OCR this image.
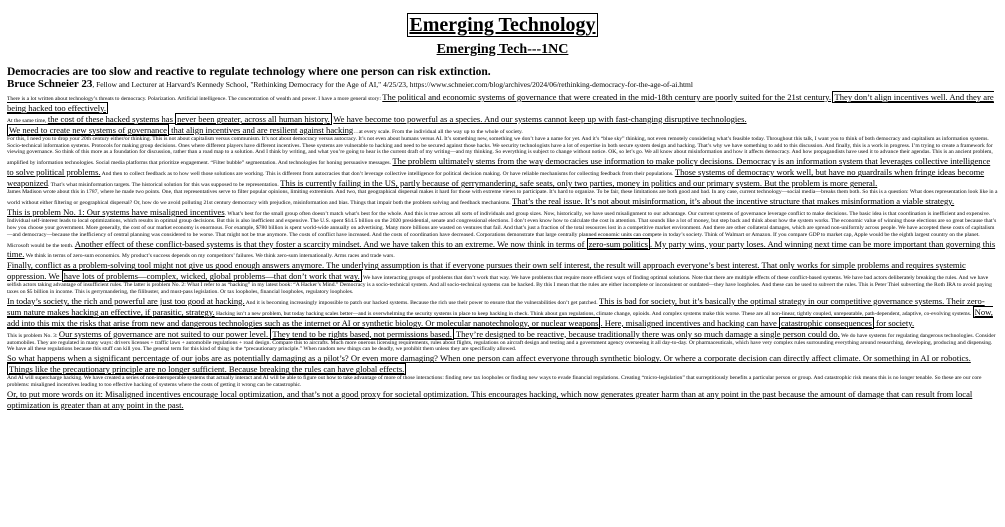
Emerging Technology

Emerging Tech---1NC

Democracies are too slow and reactive to regulate technology where one person can risk extinction.

Bruce Schneier 23, Fellow and Lecturer at Harvard's Kennedy School, "Rethinking Democracy for the Age of AI," 4/25/23, https://www.schneier.com/blog/archives/2024/06/rethinking-democracy-for-the-age-of-ai.html

There is a lot written about technology’s threats to democracy. Polarization. Artificial intelligence. The concentration of wealth and power. I have a more general story: The political and economic systems of governance that were created in the mid-18th century are poorly suited for the 21st century. They don’t align incentives well. And they are being hacked too effectively.

At the same time, the cost of these hacked systems has never been greater, across all human history. We have become too powerful as a species. And our systems cannot keep up with fast-changing disruptive technologies.

We need to create new systems of governance that align incentives and are resilient against hacking…at every scale. From the individual all the way up to the whole of society.

For this, I need you to drop your 20th century either/or thinking. This is not about capitalism versus communism. It’s not about democracy versus autocracy. It’s not even about humans versus AI. It’s something new, something we don’t have a name for yet. And it’s “blue sky” thinking, not even remotely considering what’s feasible today. Throughout this talk, I want you to think of both democracy and capitalism as information systems. Socio-technical information systems. Protocols for making group decisions. Ones where different players have different incentives. These systems are vulnerable to hacking and need to be secured against those hacks. We security technologists have a lot of expertise in both secure system design and hacking. That’s why we have something to add to this discussion. And finally, this is a work in progress. I’m trying to create a framework for viewing governance. So think of this more as a foundation for discussion, rather than a road map to a solution. And I think by writing, and what you’re going to hear is the current draft of my writing—and my thinking. So everything is subject to change without notice. OK, so let’s go. We all know about misinformation and how it affects democracy. And how propagandists have used it to advance their agendas. This is an ancient problem, amplified by information technologies. Social media platforms that prioritize engagement. “Filter bubble” segmentation. And technologies for honing persuasive messages. The problem ultimately stems from the way democracies use information to make policy decisions. Democracy is an information system that leverages collective intelligence to solve political problems. And then to collect feedback as to how well those solutions are working. This is different from autocracies that don’t leverage collective intelligence for political decision making. Or have reliable mechanisms for collecting feedback from their populations. Those systems of democracy work well, but have no guardrails when fringe ideas become weaponized. That’s what misinformation targets. The historical solution for this was supposed to be representation. This is currently failing in the US, partly because of gerrymandering, safe seats, only two parties, money in politics and our primary system. But the problem is more general.

James Madison wrote about this in 1787, where he made two points. One, that representatives serve to filter popular opinions, limiting extremism. And two, that geographical dispersal makes it hard for those with extreme views to participate. It’s hard to organize. To be fair, these limitations are both good and bad. In any case, current technology—social media—breaks them both. So this is a question: What does representation look like in a world without either filtering or geographical dispersal? Or, how do we avoid polluting 21st century democracy with prejudice, misinformation and bias. Things that impair both the problem solving and feedback mechanisms. That’s the real issue. It’s not about misinformation, it’s about the incentive structure that makes misinformation a viable strategy.

This is problem No. 1: Our systems have misaligned incentives. What’s best for the small group often doesn’t match what’s best for the whole. And this is true across all sorts of individuals and group sizes. Now, historically, we have used misalignment to our advantage. Our current systems of governance leverage conflict to make decisions. The basic idea is that coordination is inefficient and expensive. Individual self-interest leads to local optimizations, which results in optimal group decisions. But this is also inefficient and expensive. The U.S. spent $14.5 billion on the 2020 presidential, senate and congressional elections. I don’t even know how to calculate the cost in attention. That sounds like a lot of money, but step back and think about how the system works. The economic value of winning those elections are so great because that’s how you choose your government. More generally, the cost of our market economy is enormous. For example, $780 billion is spent world-wide annually on advertising. Many more billions are wasted on ventures that fail. And that’s just a fraction of the total resources lost in a competitive market environment. And there are other collateral damages, which are spread non-uniformly across people. We have accepted these costs of capitalism—and democracy—because the inefficiency of central planning was considered to be worse. That might not be true anymore. The costs of conflict have increased. And the costs of coordination have decreased. Corporations demonstrate that large centrally planned economic units can compete in today’s society. Think of Walmart or Amazon. If you compare GDP to market cap, Apple would be the eighth largest country on the planet. Microsoft would be the tenth. Another effect of these conflict-based systems is that they foster a scarcity mindset. And we have taken this to an extreme. We now think in terms of zero-sum politics . My party wins, your party loses. And winning next time can be more important than governing this time. We think in terms of zero-sum economics. My product’s success depends on my competitors’ failures. We think zero-sum internationally. Arms races and trade wars.

Finally, conflict as a problem-solving tool might not give us good enough answers anymore. The underlying assumption is that if everyone pursues their own self interest, the result will approach everyone’s best interest. That only works for simple problems and requires systemic oppression. We have lots of problems—complex, wicked, global problems—that don’t work that way. We have interacting groups of problems that don’t work that way. We have problems that require more efficient ways of finding optimal solutions. Note that there are multiple effects of these conflict-based systems. We have bad actors deliberately breaking the rules. And we have selfish actors taking advantage of insufficient rules. The latter is problem No. 2: What I refer to as “hacking” in my latest book: “A Hacker’s Mind.” Democracy is a socio-technical system. And all socio-technical systems can be hacked. By this I mean that the rules are either incomplete or inconsistent or outdated—they have loopholes. And these can be used to subvert the rules. This is Peter Thiel subverting the Roth IRA to avoid paying taxes on $5 billion in income. This is gerrymandering, the filibuster, and must-pass legislation. Or tax loopholes, financial loopholes, regulatory loopholes.

In today’s society, the rich and powerful are just too good at hacking. And it is becoming increasingly impossible to patch our hacked systems. Because the rich use their power to ensure that the vulnerabilities don’t get patched. This is bad for society, but it’s basically the optimal strategy in our competitive governance systems. Their zero-sum nature makes hacking an effective, if parasitic, strategy. Hacking isn’t a new problem, but today hacking scales better—and is overwhelming the security systems in place to keep hacking in check. Think about gun regulations, climate change, opioids. And complex systems make this worse. These are all non-linear, tightly coupled, unrepeatable, path-dependent, adaptive, co-evolving systems. Now, add into this mix the risks that arise from new and dangerous technologies such as the internet or AI or synthetic biology. Or molecular nanotechnology, or nuclear weapons . Here, misaligned incentives and hacking can have catastrophic consequences for society.

This is problem No. 3: Our systems of governance are not suited to our power level. They tend to be rights based, not permissions based. They’re designed to be reactive, because traditionally there was only so much damage a single person could do. We do have systems for regulating dangerous technologies. Consider automobiles. They are regulated in many ways: drivers licenses + traffic laws + automobile regulations + road design. Compare this to aircrafts. Much more onerous licensing requirements, rules about flights, regulations on aircraft design and testing and a government agency overseeing it all day-to-day. Or pharmaceuticals, which have very complex rules surrounding everything around researching, developing, producing and dispensing. We have all these regulations because this stuff can kill you. The general term for this kind of thing is the “precautionary principle.” When random new things can be deadly, we prohibit them unless they are specifically allowed.

So what happens when a significant percentage of our jobs are as potentially damaging as a pilot’s? Or even more damaging? When one person can affect everyone through synthetic biology. Or where a corporate decision can directly affect climate. Or something in AI or robotics. Things like the precautionary principle are no longer sufficient. Because breaking the rules can have global effects.

And AI will supercharge hacking. We have created a series of non-interoperable systems that actually interact and AI will be able to figure out how to take advantage of more of those interactions: finding new tax loopholes or finding new ways to evade financial regulations. Creating “micro-legislation” that surreptitiously benefits a particular person or group. And catastrophic risk means this is no longer tenable. So these are our core problems: misaligned incentives leading to too effective hacking of systems where the costs of getting it wrong can be catastrophic.

Or, to put more words on it: Misaligned incentives encourage local optimization, and that’s not a good proxy for societal optimization. This encourages hacking, which now generates greater harm than at any point in the past because the amount of damage that can result from local optimization is greater than at any point in the past.
